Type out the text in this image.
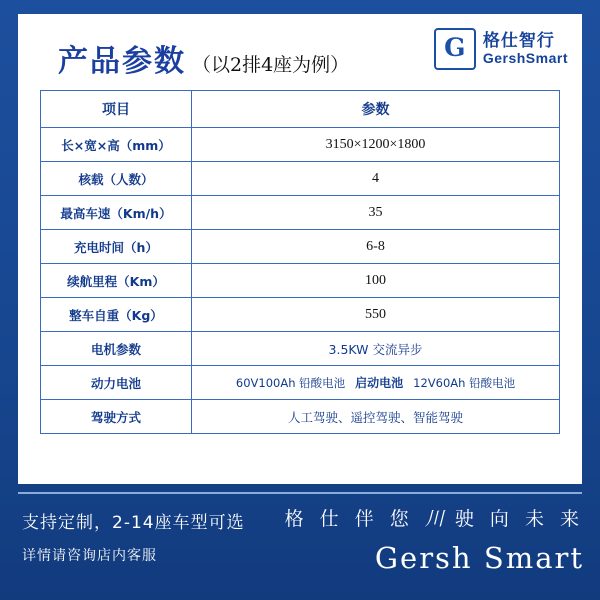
产品参数 （以2排4座为例）
G	格仕智行
GershSmart
项目	参数
长×宽×高（mm）	3150×1200×1800
核载（人数）	4
最高车速（Km/h）	35
充电时间（h）	6-8
续航里程（Km）	100
整车自重（Kg）	550
电机参数	3.5KW 交流异步
动力电池	60V100Ah 铅酸电池 启动电池 12V60Ah 铅酸电池

驾驶方式	人工驾驶、遥控驾驶、智能驾驶
支持定制，2-14座车型可选
详情请咨询店内客服
格 仕 伴 您 川 驶 向 未 来
Gersh Smart
